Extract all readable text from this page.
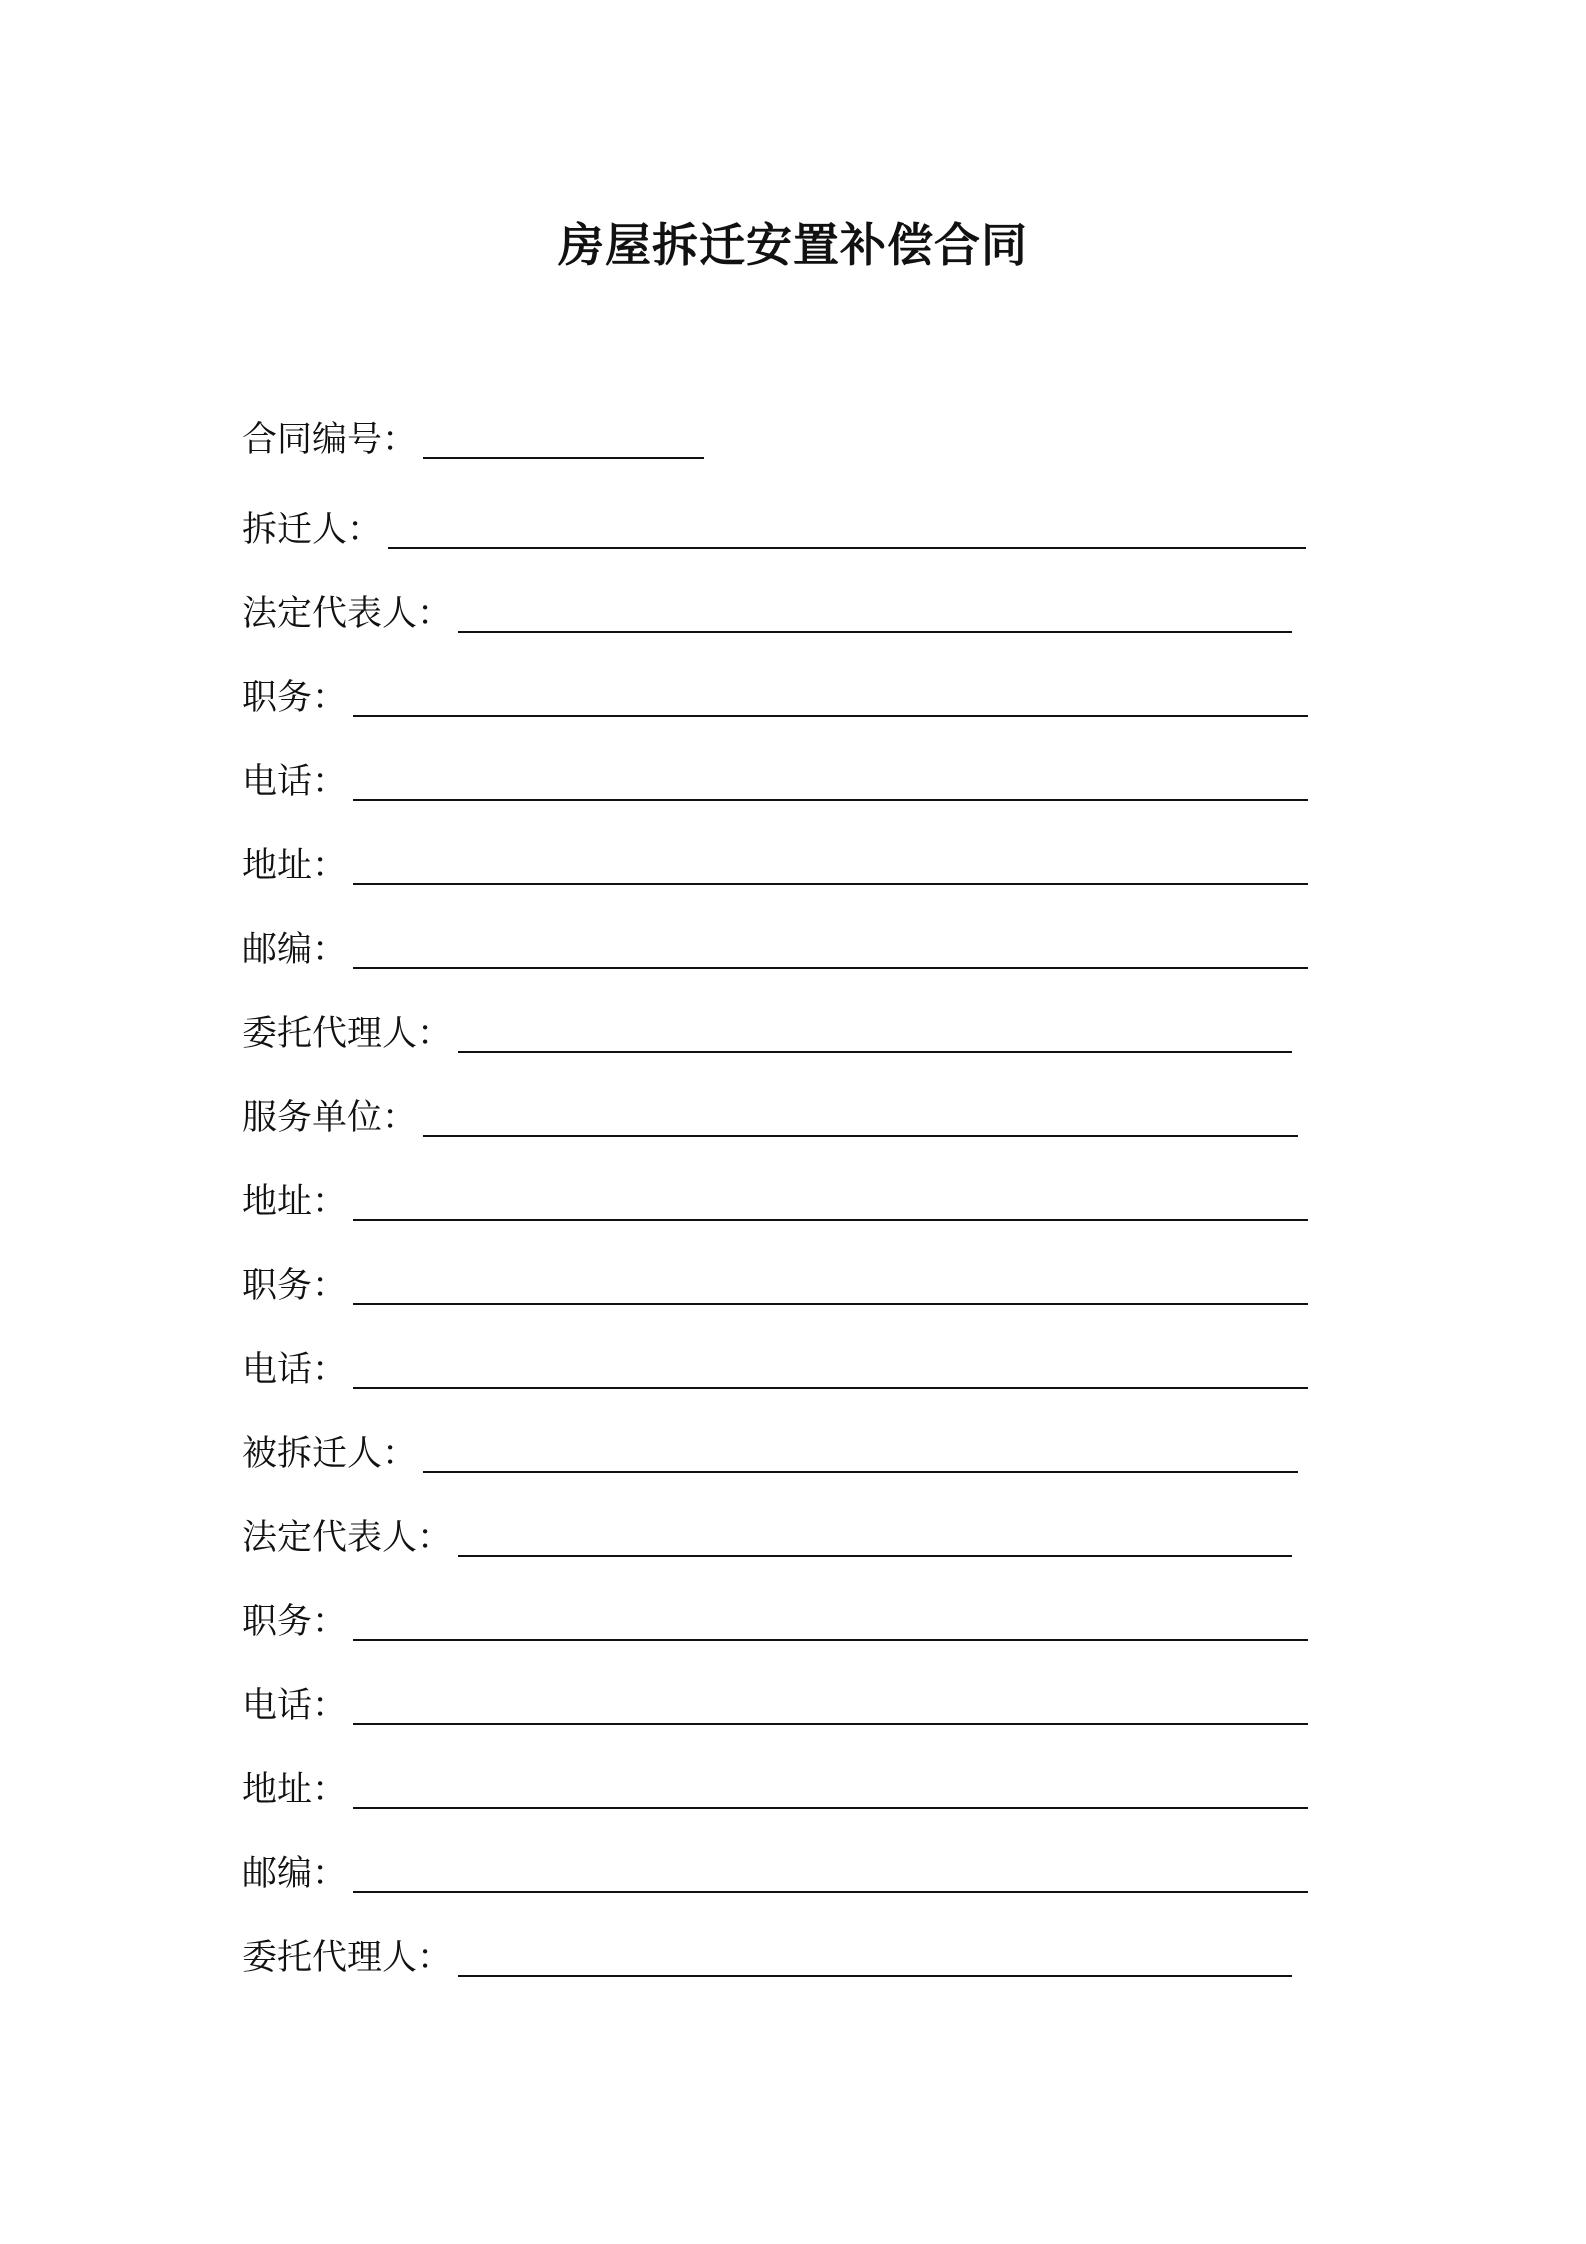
房屋拆迁安置补偿合同
合同编号：
拆迁人：
法定代表人：
职务：
电话：
地址：
邮编：
委托代理人：
服务单位：
地址：
职务：
电话：
被拆迁人：
法定代表人：
职务：
电话：
地址：
邮编：
委托代理人：
